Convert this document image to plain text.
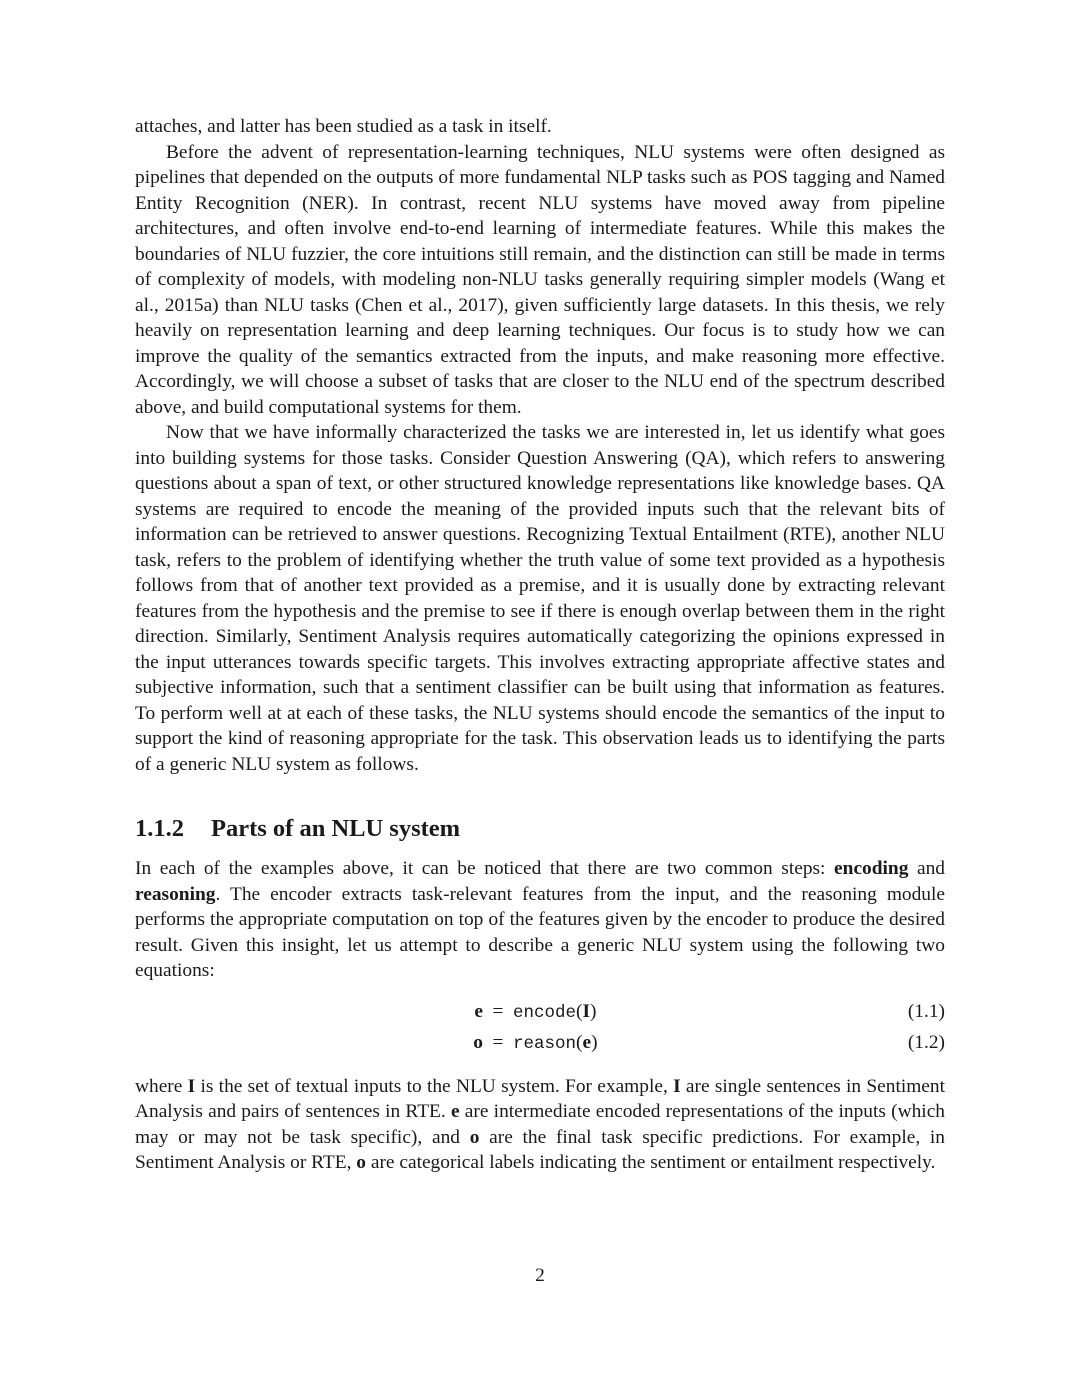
attaches, and latter has been studied as a task in itself.

Before the advent of representation-learning techniques, NLU systems were often designed as pipelines that depended on the outputs of more fundamental NLP tasks such as POS tagging and Named Entity Recognition (NER). In contrast, recent NLU systems have moved away from pipeline architectures, and often involve end-to-end learning of intermediate features. While this makes the boundaries of NLU fuzzier, the core intuitions still remain, and the distinction can still be made in terms of complexity of models, with modeling non-NLU tasks generally requiring simpler models (Wang et al., 2015a) than NLU tasks (Chen et al., 2017), given sufficiently large datasets. In this thesis, we rely heavily on representation learning and deep learning techniques. Our focus is to study how we can improve the quality of the semantics extracted from the inputs, and make reasoning more effective. Accordingly, we will choose a subset of tasks that are closer to the NLU end of the spectrum described above, and build computational systems for them.

Now that we have informally characterized the tasks we are interested in, let us identify what goes into building systems for those tasks. Consider Question Answering (QA), which refers to answering questions about a span of text, or other structured knowledge representations like knowledge bases. QA systems are required to encode the meaning of the provided inputs such that the relevant bits of information can be retrieved to answer questions. Recognizing Textual Entailment (RTE), another NLU task, refers to the problem of identifying whether the truth value of some text provided as a hypothesis follows from that of another text provided as a premise, and it is usually done by extracting relevant features from the hypothesis and the premise to see if there is enough overlap between them in the right direction. Similarly, Sentiment Analysis requires automatically categorizing the opinions expressed in the input utterances towards specific targets. This involves extracting appropriate affective states and subjective information, such that a sentiment classifier can be built using that information as features. To perform well at at each of these tasks, the NLU systems should encode the semantics of the input to support the kind of reasoning appropriate for the task. This observation leads us to identifying the parts of a generic NLU system as follows.

1.1.2 Parts of an NLU system

In each of the examples above, it can be noticed that there are two common steps: encoding and reasoning. The encoder extracts task-relevant features from the input, and the reasoning module performs the appropriate computation on top of the features given by the encoder to produce the desired result. Given this insight, let us attempt to describe a generic NLU system using the following two equations:

e = encode(I)	(1.1)
o = reason(e)	(1.2)

where I is the set of textual inputs to the NLU system. For example, I are single sentences in Sentiment Analysis and pairs of sentences in RTE. e are intermediate encoded representations of the inputs (which may or may not be task specific), and o are the final task specific predictions. For example, in Sentiment Analysis or RTE, o are categorical labels indicating the sentiment or entailment respectively.

2
